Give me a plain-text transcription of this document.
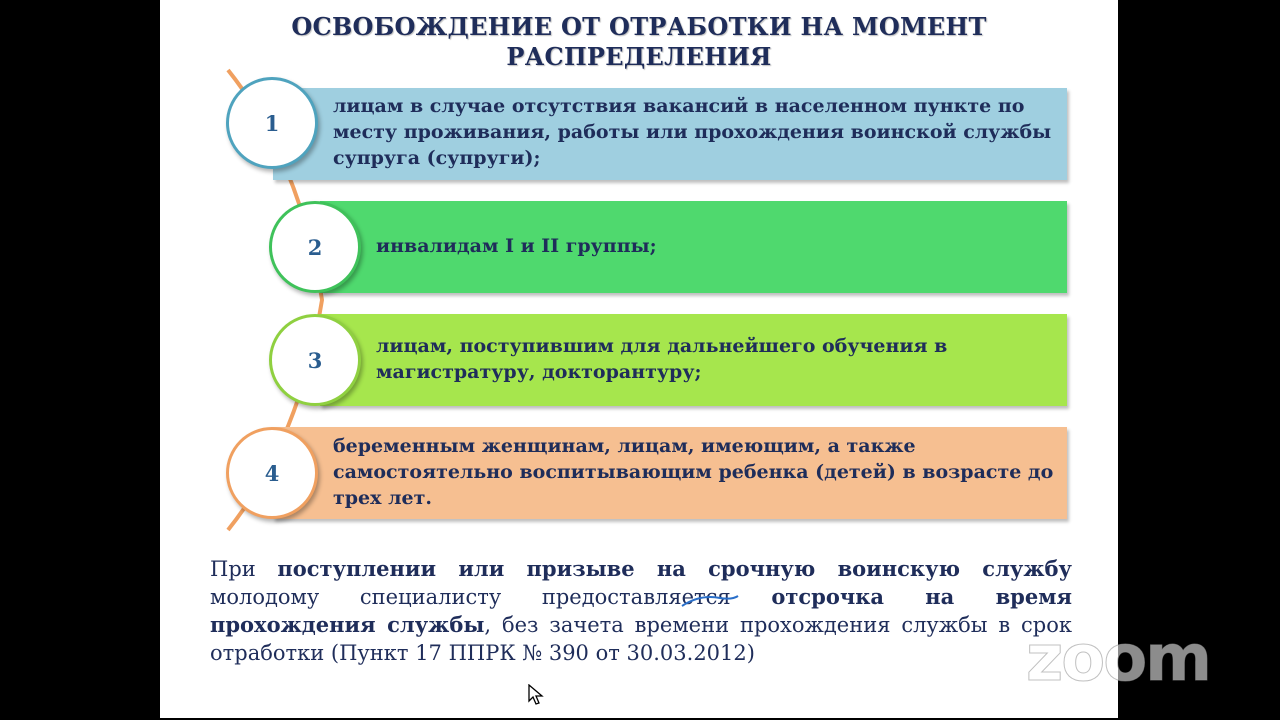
ОСВОБОЖДЕНИЕ ОТ ОТРАБОТКИ НА МОМЕНТ
РАСПРЕДЕЛЕНИЯ
лицам в случае отсутствия вакансий в населенном пункте по месту проживания, работы или прохождения воинской службы супруга (супруги);
1
инвалидам I и II группы;
2
лицам, поступившим для дальнейшего обучения в магистратуру, докторантуру;
3
беременным женщинам, лицам, имеющим, а также самостоятельно воспитывающим ребенка (детей) в возрасте до трех лет.
4
При поступлении или призыве на срочную воинскую службу молодому специалисту предоставляется отсрочка на время прохождения службы, без зачета времени прохождения службы в срок отработки (Пункт 17 ППРК № 390 от 30.03.2012)	zoom
